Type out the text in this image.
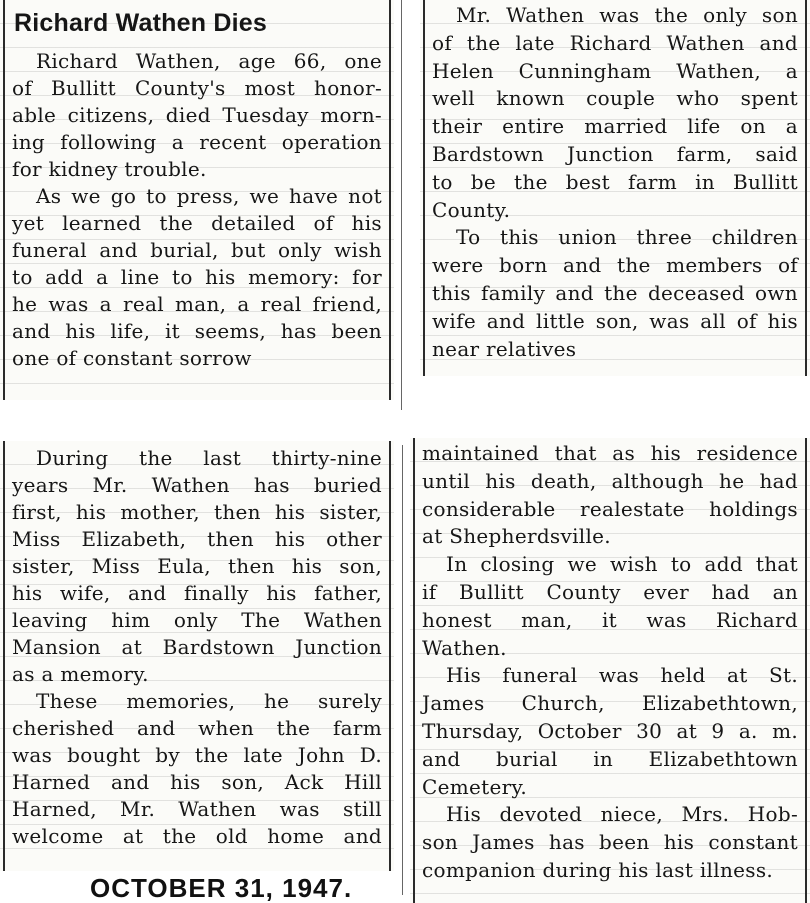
Richard Wathen Dies

Richard Wathen, age 66, one
of Bullitt County's most honor-
able citizens, died Tuesday morn-
ing following a recent operation
for kidney trouble.

As we go to press, we have not
yet learned the detailed of his
funeral and burial, but only wish
to add a line to his memory: for
he was a real man, a real friend,
and his life, it seems, has been
one of constant sorrow

Mr. Wathen was the only son
of the late Richard Wathen and
Helen Cunningham Wathen, a
well known couple who spent
their entire married life on a
Bardstown Junction farm, said
to be the best farm in Bullitt
County.

To this union three children
were born and the members of
this family and the deceased own
wife and little son, was all of his
near relatives

During the last thirty-nine
years Mr. Wathen has buried
first, his mother, then his sister,
Miss Elizabeth, then his other
sister, Miss Eula, then his son,
his wife, and finally his father,
leaving him only The Wathen
Mansion at Bardstown Junction
as a memory.

These memories, he surely
cherished and when the farm
was bought by the late John D.
Harned and his son, Ack Hill
Harned, Mr. Wathen was still
welcome at the old home and

maintained that as his residence
until his death, although he had
considerable realestate holdings
at Shepherdsville.

In closing we wish to add that
if Bullitt County ever had an
honest man, it was Richard
Wathen.

His funeral was held at St.
James Church, Elizabethtown,
Thursday, October 30 at 9 a. m.
and burial in Elizabethtown
Cemetery.

His devoted niece, Mrs. Hob-
son James has been his constant
companion during his last illness.

OCTOBER 31, 1947.
